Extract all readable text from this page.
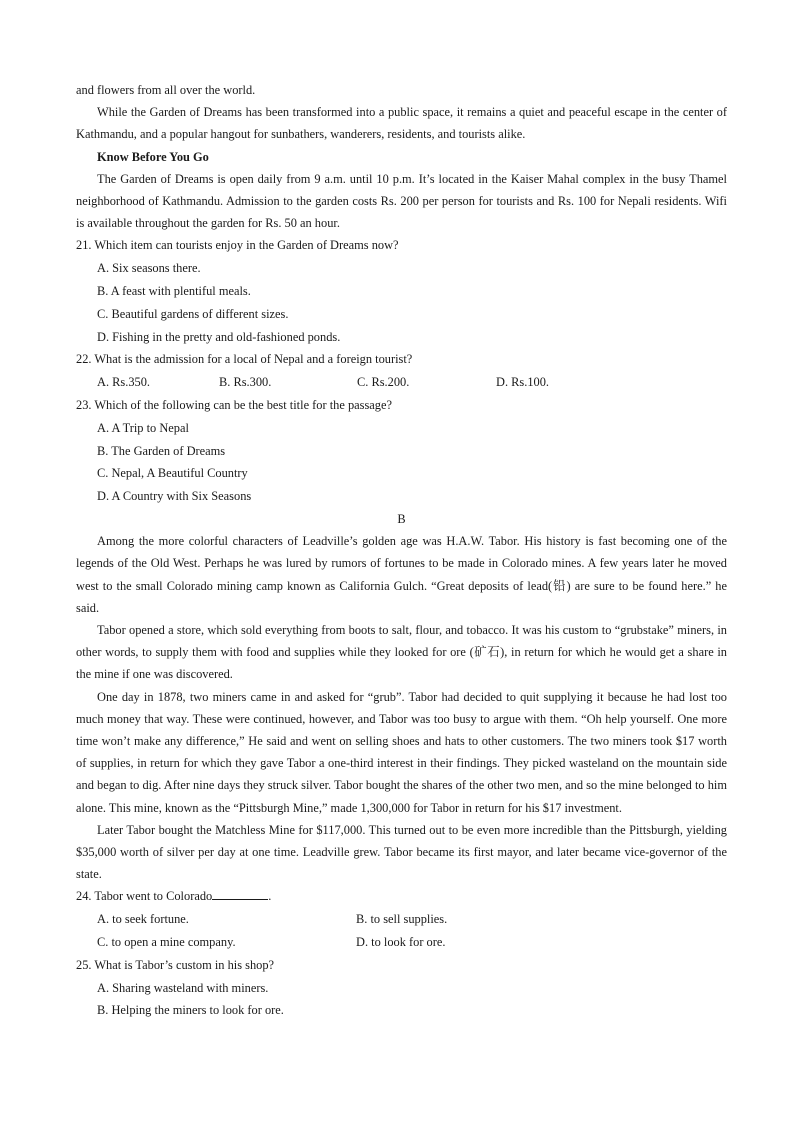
and flowers from all over the world.

While the Garden of Dreams has been transformed into a public space, it remains a quiet and peaceful escape in the center of Kathmandu, and a popular hangout for sunbathers, wanderers, residents, and tourists alike.

Know Before You Go

The Garden of Dreams is open daily from 9 a.m. until 10 p.m. It’s located in the Kaiser Mahal complex in the busy Thamel neighborhood of Kathmandu. Admission to the garden costs Rs. 200 per person for tourists and Rs. 100 for Nepali residents. Wifi is available throughout the garden for Rs. 50 an hour.

21. Which item can tourists enjoy in the Garden of Dreams now?

A. Six seasons there.

B. A feast with plentiful meals.

C. Beautiful gardens of different sizes.

D. Fishing in the pretty and old-fashioned ponds.

22. What is the admission for a local of Nepal and a foreign tourist?

A. Rs.350.	B. Rs.300.	C. Rs.200.	D. Rs.100.

23. Which of the following can be the best title for the passage?

A. A Trip to Nepal

B. The Garden of Dreams

C. Nepal, A Beautiful Country

D. A Country with Six Seasons

B

Among the more colorful characters of Leadville’s golden age was H.A.W. Tabor. His history is fast becoming one of the legends of the Old West. Perhaps he was lured by rumors of fortunes to be made in Colorado mines. A few years later he moved west to the small Colorado mining camp known as California Gulch. “Great deposits of lead(铅) are sure to be found here.” he said.

Tabor opened a store, which sold everything from boots to salt, flour, and tobacco. It was his custom to “grubstake” miners, in other words, to supply them with food and supplies while they looked for ore (矿石), in return for which he would get a share in the mine if one was discovered.

One day in 1878, two miners came in and asked for “grub”. Tabor had decided to quit supplying it because he had lost too much money that way. These were continued, however, and Tabor was too busy to argue with them. “Oh help yourself. One more time won’t make any difference,” He said and went on selling shoes and hats to other customers. The two miners took $17 worth of supplies, in return for which they gave Tabor a one-third interest in their findings. They picked wasteland on the mountain side and began to dig. After nine days they struck silver. Tabor bought the shares of the other two men, and so the mine belonged to him alone. This mine, known as the “Pittsburgh Mine,” made 1,300,000 for Tabor in return for his $17 investment.

Later Tabor bought the Matchless Mine for $117,000. This turned out to be even more incredible than the Pittsburgh, yielding $35,000 worth of silver per day at one time. Leadville grew. Tabor became its first mayor, and later became vice-governor of the state.

24. Tabor went to Colorado	.

A. to seek fortune.	B. to sell supplies.
C. to open a mine company.	D. to look for ore.

25. What is Tabor’s custom in his shop?

A. Sharing wasteland with miners.

B. Helping the miners to look for ore.
